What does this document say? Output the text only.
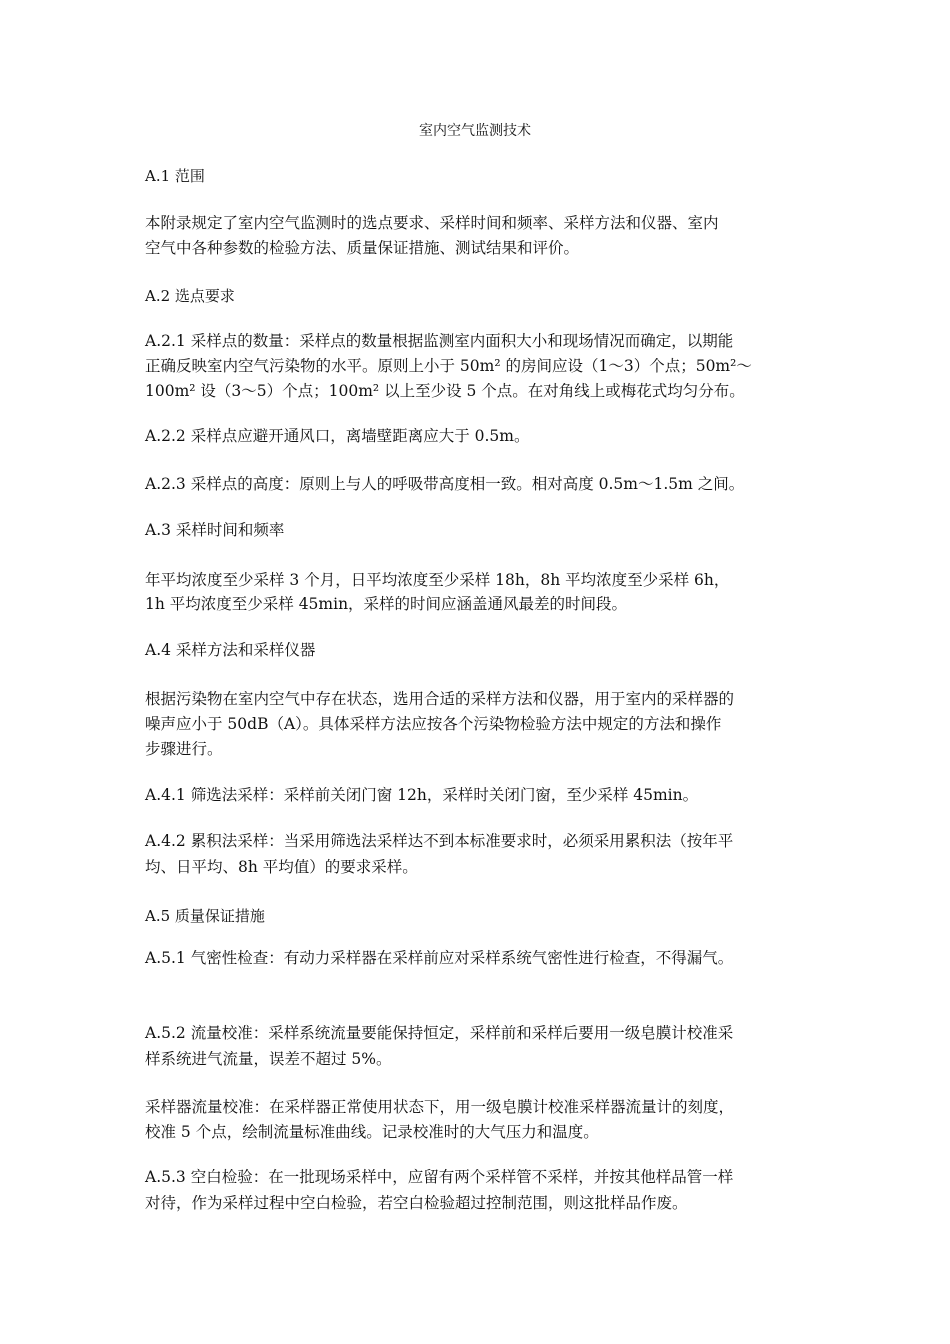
室内空气监测技术
A.1 范围
本附录规定了室内空气监测时的选点要求、采样时间和频率、采样方法和仪器、室内
空气中各种参数的检验方法、质量保证措施、测试结果和评价。
A.2 选点要求
A.2.1 采样点的数量：采样点的数量根据监测室内面积大小和现场情况而确定，以期能
正确反映室内空气污染物的水平。原则上小于 50m² 的房间应设（1～3）个点；50m²～
100m² 设（3～5）个点；100m² 以上至少设 5 个点。在对角线上或梅花式均匀分布。
A.2.2 采样点应避开通风口，离墙壁距离应大于 0.5m。
A.2.3 采样点的高度：原则上与人的呼吸带高度相一致。相对高度 0.5m～1.5m 之间。
A.3 采样时间和频率
年平均浓度至少采样 3 个月，日平均浓度至少采样 18h，8h 平均浓度至少采样 6h，
1h 平均浓度至少采样 45min，采样的时间应涵盖通风最差的时间段。
A.4 采样方法和采样仪器
根据污染物在室内空气中存在状态，选用合适的采样方法和仪器，用于室内的采样器的
噪声应小于 50dB（A）。具体采样方法应按各个污染物检验方法中规定的方法和操作
步骤进行。
A.4.1 筛选法采样：采样前关闭门窗 12h，采样时关闭门窗，至少采样 45min。
A.4.2 累积法采样：当采用筛选法采样达不到本标准要求时，必须采用累积法（按年平
均、日平均、8h 平均值）的要求采样。
A.5 质量保证措施
A.5.1 气密性检查：有动力采样器在采样前应对采样系统气密性进行检查，不得漏气。
A.5.2 流量校准：采样系统流量要能保持恒定，采样前和采样后要用一级皂膜计校准采
样系统进气流量，误差不超过 5%。
采样器流量校准：在采样器正常使用状态下，用一级皂膜计校准采样器流量计的刻度，
校准 5 个点，绘制流量标准曲线。记录校准时的大气压力和温度。
A.5.3 空白检验：在一批现场采样中，应留有两个采样管不采样，并按其他样品管一样
对待，作为采样过程中空白检验，若空白检验超过控制范围，则这批样品作废。
